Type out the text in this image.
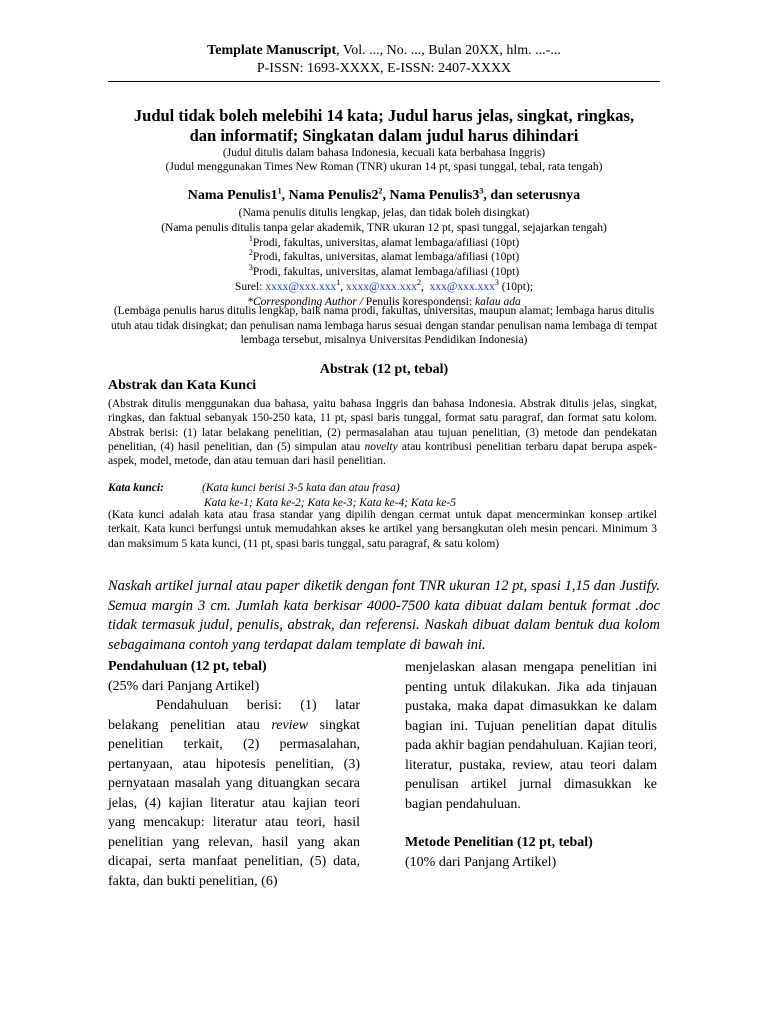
Template Manuscript, Vol. ..., No. ..., Bulan 20XX, hlm. ...-...
P-ISSN: 1693-XXXX, E-ISSN: 2407-XXXX
Judul tidak boleh melebihi 14 kata; Judul harus jelas, singkat, ringkas,
dan informatif; Singkatan dalam judul harus dihindari
(Judul ditulis dalam bahasa Indonesia, kecuali kata berbahasa Inggris)
(Judul menggunakan Times New Roman (TNR) ukuran 14 pt, spasi tunggal, tebal, rata tengah)
Nama $Penulis1^1$, Nama $Penulis2^2$, Nama $Penulis3^3$, dan seterusnya
(Nama penulis ditulis lengkap, jelas, dan tidak boleh disingkat)
(Nama penulis ditulis tanpa gelar akademik, TNR ukuran 12 pt, spasi tunggal, sejajarkan tengah)
$^1$Prodi, fakultas, universitas, alamat lembaga/afiliasi (10pt)
$^2$Prodi, fakultas, universitas, alamat lembaga/afiliasi (10pt)
$^3$Prodi, fakultas, universitas, alamat lembaga/afiliasi (10pt)
Surel: xxxx@xxx.xxx$^1$, xxxx@xxx.xxx$^2$,  xxx@xxx.xxx$^3$ (10pt);
*Corresponding Author / Penulis korespondensi: kalau ada
(Lembaga penulis harus ditulis lengkap, baik nama prodi, fakultas, universitas, maupun alamat; lembaga harus ditulis utuh atau tidak disingkat; dan penulisan nama lembaga harus sesuai dengan standar penulisan nama lembaga di tempat lembaga tersebut, misalnya Universitas Pendidikan Indonesia)
Abstrak (12 pt, tebal)
Abstrak dan Kata Kunci
(Abstrak ditulis menggunakan dua bahasa, yaitu bahasa Inggris dan bahasa Indonesia. Abstrak ditulis jelas, singkat, ringkas, dan faktual sebanyak 150-250 kata, 11 pt, spasi baris tunggal, format satu paragraf, dan format satu kolom. Abstrak berisi: (1) latar belakang penelitian, (2) permasalahan atau tujuan penelitian, (3) metode dan pendekatan penelitian, (4) hasil penelitian, dan (5) simpulan atau novelty atau kontribusi penelitian terbaru dapat berupa aspek-aspek, model, metode, dan atau temuan dari hasil penelitian.
Kata kunci:	(Kata kunci berisi 3-5 kata dan atau frasa)
Kata ke-1; Kata ke-2; Kata ke-3; Kata ke-4; Kata ke-5
(Kata kunci adalah kata atau frasa standar yang dipilih dengan cermat untuk dapat mencerminkan konsep artikel terkait. Kata kunci berfungsi untuk memudahkan akses ke artikel yang bersangkutan oleh mesin pencari. Minimum 3 dan maksimum 5 kata kunci, (11 pt, spasi baris tunggal, satu paragraf, & satu kolom)
Naskah artikel jurnal atau paper diketik dengan font TNR ukuran 12 pt, spasi 1,15 dan Justify. Semua margin 3 cm. Jumlah kata berkisar 4000-7500 kata dibuat dalam bentuk format .doc tidak termasuk judul, penulis, abstrak, dan referensi. Naskah dibuat dalam bentuk dua kolom sebagaimana contoh yang terdapat dalam template di bawah ini.

Pendahuluan (12 pt, tebal)

(25% dari Panjang Artikel)

Pendahuluan berisi: (1) latar belakang penelitian atau review singkat penelitian terkait, (2) permasalahan, pertanyaan, atau hipotesis penelitian, (3) pernyataan masalah yang dituangkan secara jelas, (4) kajian literatur atau kajian teori yang mencakup: literatur atau teori, hasil penelitian yang relevan, hasil yang akan dicapai, serta manfaat penelitian, (5) data, fakta, dan bukti penelitian, (6)

menjelaskan alasan mengapa penelitian ini penting untuk dilakukan. Jika ada tinjauan pustaka, maka dapat dimasukkan ke dalam bagian ini. Tujuan penelitian dapat ditulis pada akhir bagian pendahuluan. Kajian teori, literatur, pustaka, review, atau teori dalam penulisan artikel jurnal dimasukkan ke bagian pendahuluan.

Metode Penelitian (12 pt, tebal)

(10% dari Panjang Artikel)
